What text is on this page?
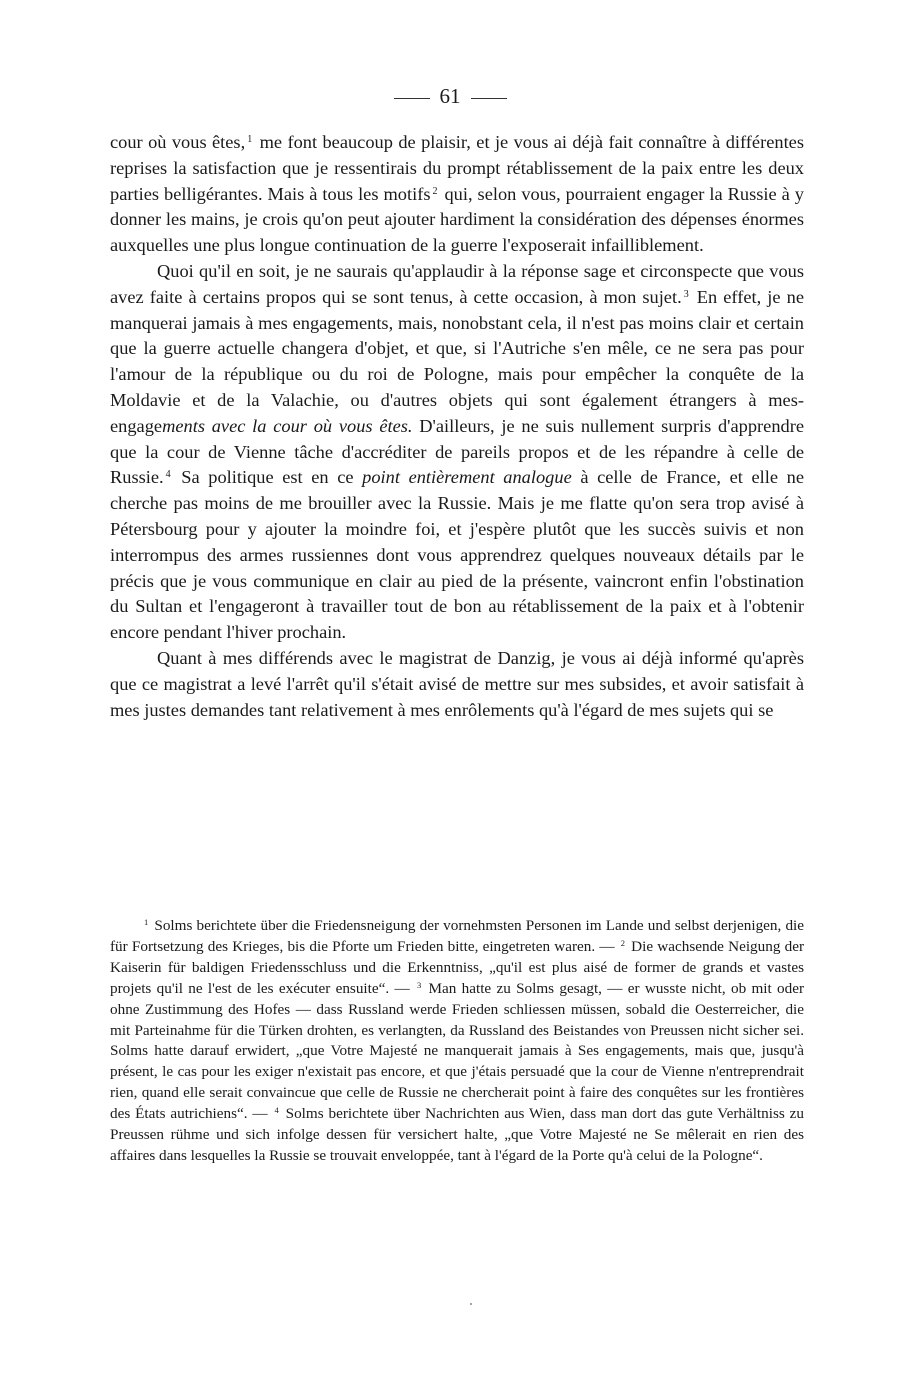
61

cour où vous êtes, $^1$ me font beaucoup de plaisir, et je vous ai déjà fait connaître à différentes reprises la satisfaction que je ressentirais du prompt rétablissement de la paix entre les deux parties belligérantes. Mais à tous les motifs $^2$ qui, selon vous, pourraient engager la Russie à y donner les mains, je crois qu'on peut ajouter hardiment la considération des dépenses énormes auxquelles une plus longue continuation de la guerre l'exposerait infailliblement.

Quoi qu'il en soit, je ne saurais qu'applaudir à la réponse sage et circonspecte que vous avez faite à certains propos qui se sont tenus, à cette occasion, à mon sujet. $^3$ En effet, je ne manquerai jamais à mes engagements, mais, nonobstant cela, il n'est pas moins clair et certain que la guerre actuelle changera d'objet, et que, si l'Autriche s'en mêle, ce ne sera pas pour l'amour de la république ou du roi de Pologne, mais pour empêcher la conquête de la Moldavie et de la Valachie, ou d'autres objets qui sont également étrangers à mes engagements avec la cour où vous êtes. D'ailleurs, je ne suis nullement surpris d'apprendre que la cour de Vienne tâche d'accréditer de pareils propos et de les répandre à celle de Russie. $^4$ Sa politique est en ce point entièrement analogue à celle de France, et elle ne cherche pas moins de me brouiller avec la Russie. Mais je me flatte qu'on sera trop avisé à Pétersbourg pour y ajouter la moindre foi, et j'espère plutôt que les succès suivis et non interrompus des armes russiennes dont vous apprendrez quelques nouveaux détails par le précis que je vous communique en clair au pied de la présente, vaincront enfin l'obstination du Sultan et l'engageront à travailler tout de bon au rétablissement de la paix et à l'obtenir encore pendant l'hiver prochain.

Quant à mes différends avec le magistrat de Danzig, je vous ai déjà informé qu'après que ce magistrat a levé l'arrêt qu'il s'était avisé de mettre sur mes subsides, et avoir satisfait à mes justes demandes tant relativement à mes enrôlements qu'à l'égard de mes sujets qui se

$^1$ Solms berichtete über die Friedensneigung der vornehmsten Personen im Lande und selbst derjenigen, die für Fortsetzung des Krieges, bis die Pforte um Frieden bitte, eingetreten waren. — $^2$ Die wachsende Neigung der Kaiserin für baldigen Friedensschluss und die Erkenntniss, „qu'il est plus aisé de former de grands et vastes projets qu'il ne l'est de les exécuter ensuite“. — $^3$ Man hatte zu Solms gesagt, — er wusste nicht, ob mit oder ohne Zustimmung des Hofes — dass Russland werde Frieden schliessen müssen, sobald die Oesterreicher, die mit Parteinahme für die Türken drohten, es verlangten, da Russland des Beistandes von Preussen nicht sicher sei. Solms hatte darauf erwidert, „que Votre Majesté ne manquerait jamais à Ses engagements, mais que, jusqu'à présent, le cas pour les exiger n'existait pas encore, et que j'étais persuadé que la cour de Vienne n'entreprendrait rien, quand elle serait convaincue que celle de Russie ne chercherait point à faire des conquêtes sur les frontières des États autrichiens“. — $^4$ Solms berichtete über Nachrichten aus Wien, dass man dort das gute Verhältniss zu Preussen rühme und sich infolge dessen für versichert halte, „que Votre Majesté ne Se mêlerait en rien des affaires dans lesquelles la Russie se trouvait enveloppée, tant à l'égard de la Porte qu'à celui de la Pologne“.
